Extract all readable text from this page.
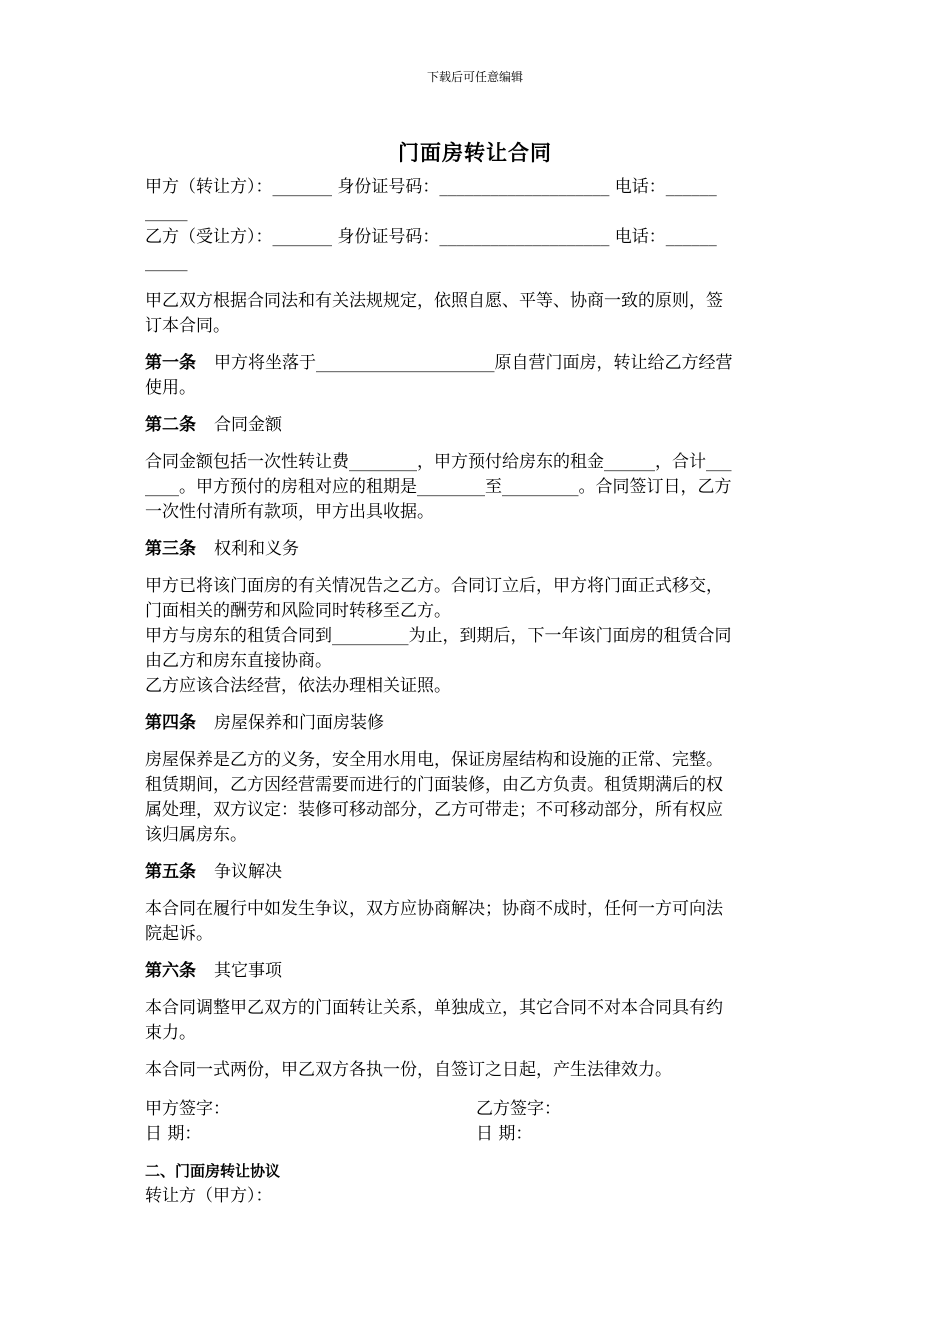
下载后可任意编辑
门面房转让合同
甲方（转让方）：_______ 身份证号码：____________________ 电话：______
_____
乙方（受让方）：_______ 身份证号码：____________________ 电话：______
_____
甲乙双方根据合同法和有关法规规定，依照自愿、平等、协商一致的原则，签
订本合同。
第一条 甲方将坐落于_____________________原自营门面房，转让给乙方经营
使用。
第二条 合同金额
合同金额包括一次性转让费________，甲方预付给房东的租金______，合计___
____。甲方预付的房租对应的租期是________至_________。合同签订日，乙方
一次性付清所有款项，甲方出具收据。
第三条 权利和义务
甲方已将该门面房的有关情况告之乙方。合同订立后，甲方将门面正式移交，
门面相关的酬劳和风险同时转移至乙方。
甲方与房东的租赁合同到_________为止，到期后，下一年该门面房的租赁合同
由乙方和房东直接协商。
乙方应该合法经营，依法办理相关证照。
第四条 房屋保养和门面房装修
房屋保养是乙方的义务，安全用水用电，保证房屋结构和设施的正常、完整。
租赁期间，乙方因经营需要而进行的门面装修，由乙方负责。租赁期满后的权
属处理，双方议定：装修可移动部分，乙方可带走；不可移动部分，所有权应
该归属房东。
第五条 争议解决
本合同在履行中如发生争议，双方应协商解决；协商不成时，任何一方可向法
院起诉。
第六条 其它事项
本合同调整甲乙双方的门面转让关系，单独成立，其它合同不对本合同具有约
束力。
本合同一式两份，甲乙双方各执一份，自签订之日起，产生法律效力。
甲方签字：
日 期：
乙方签字：
日 期：
二、门面房转让协议
转让方（甲方）：
